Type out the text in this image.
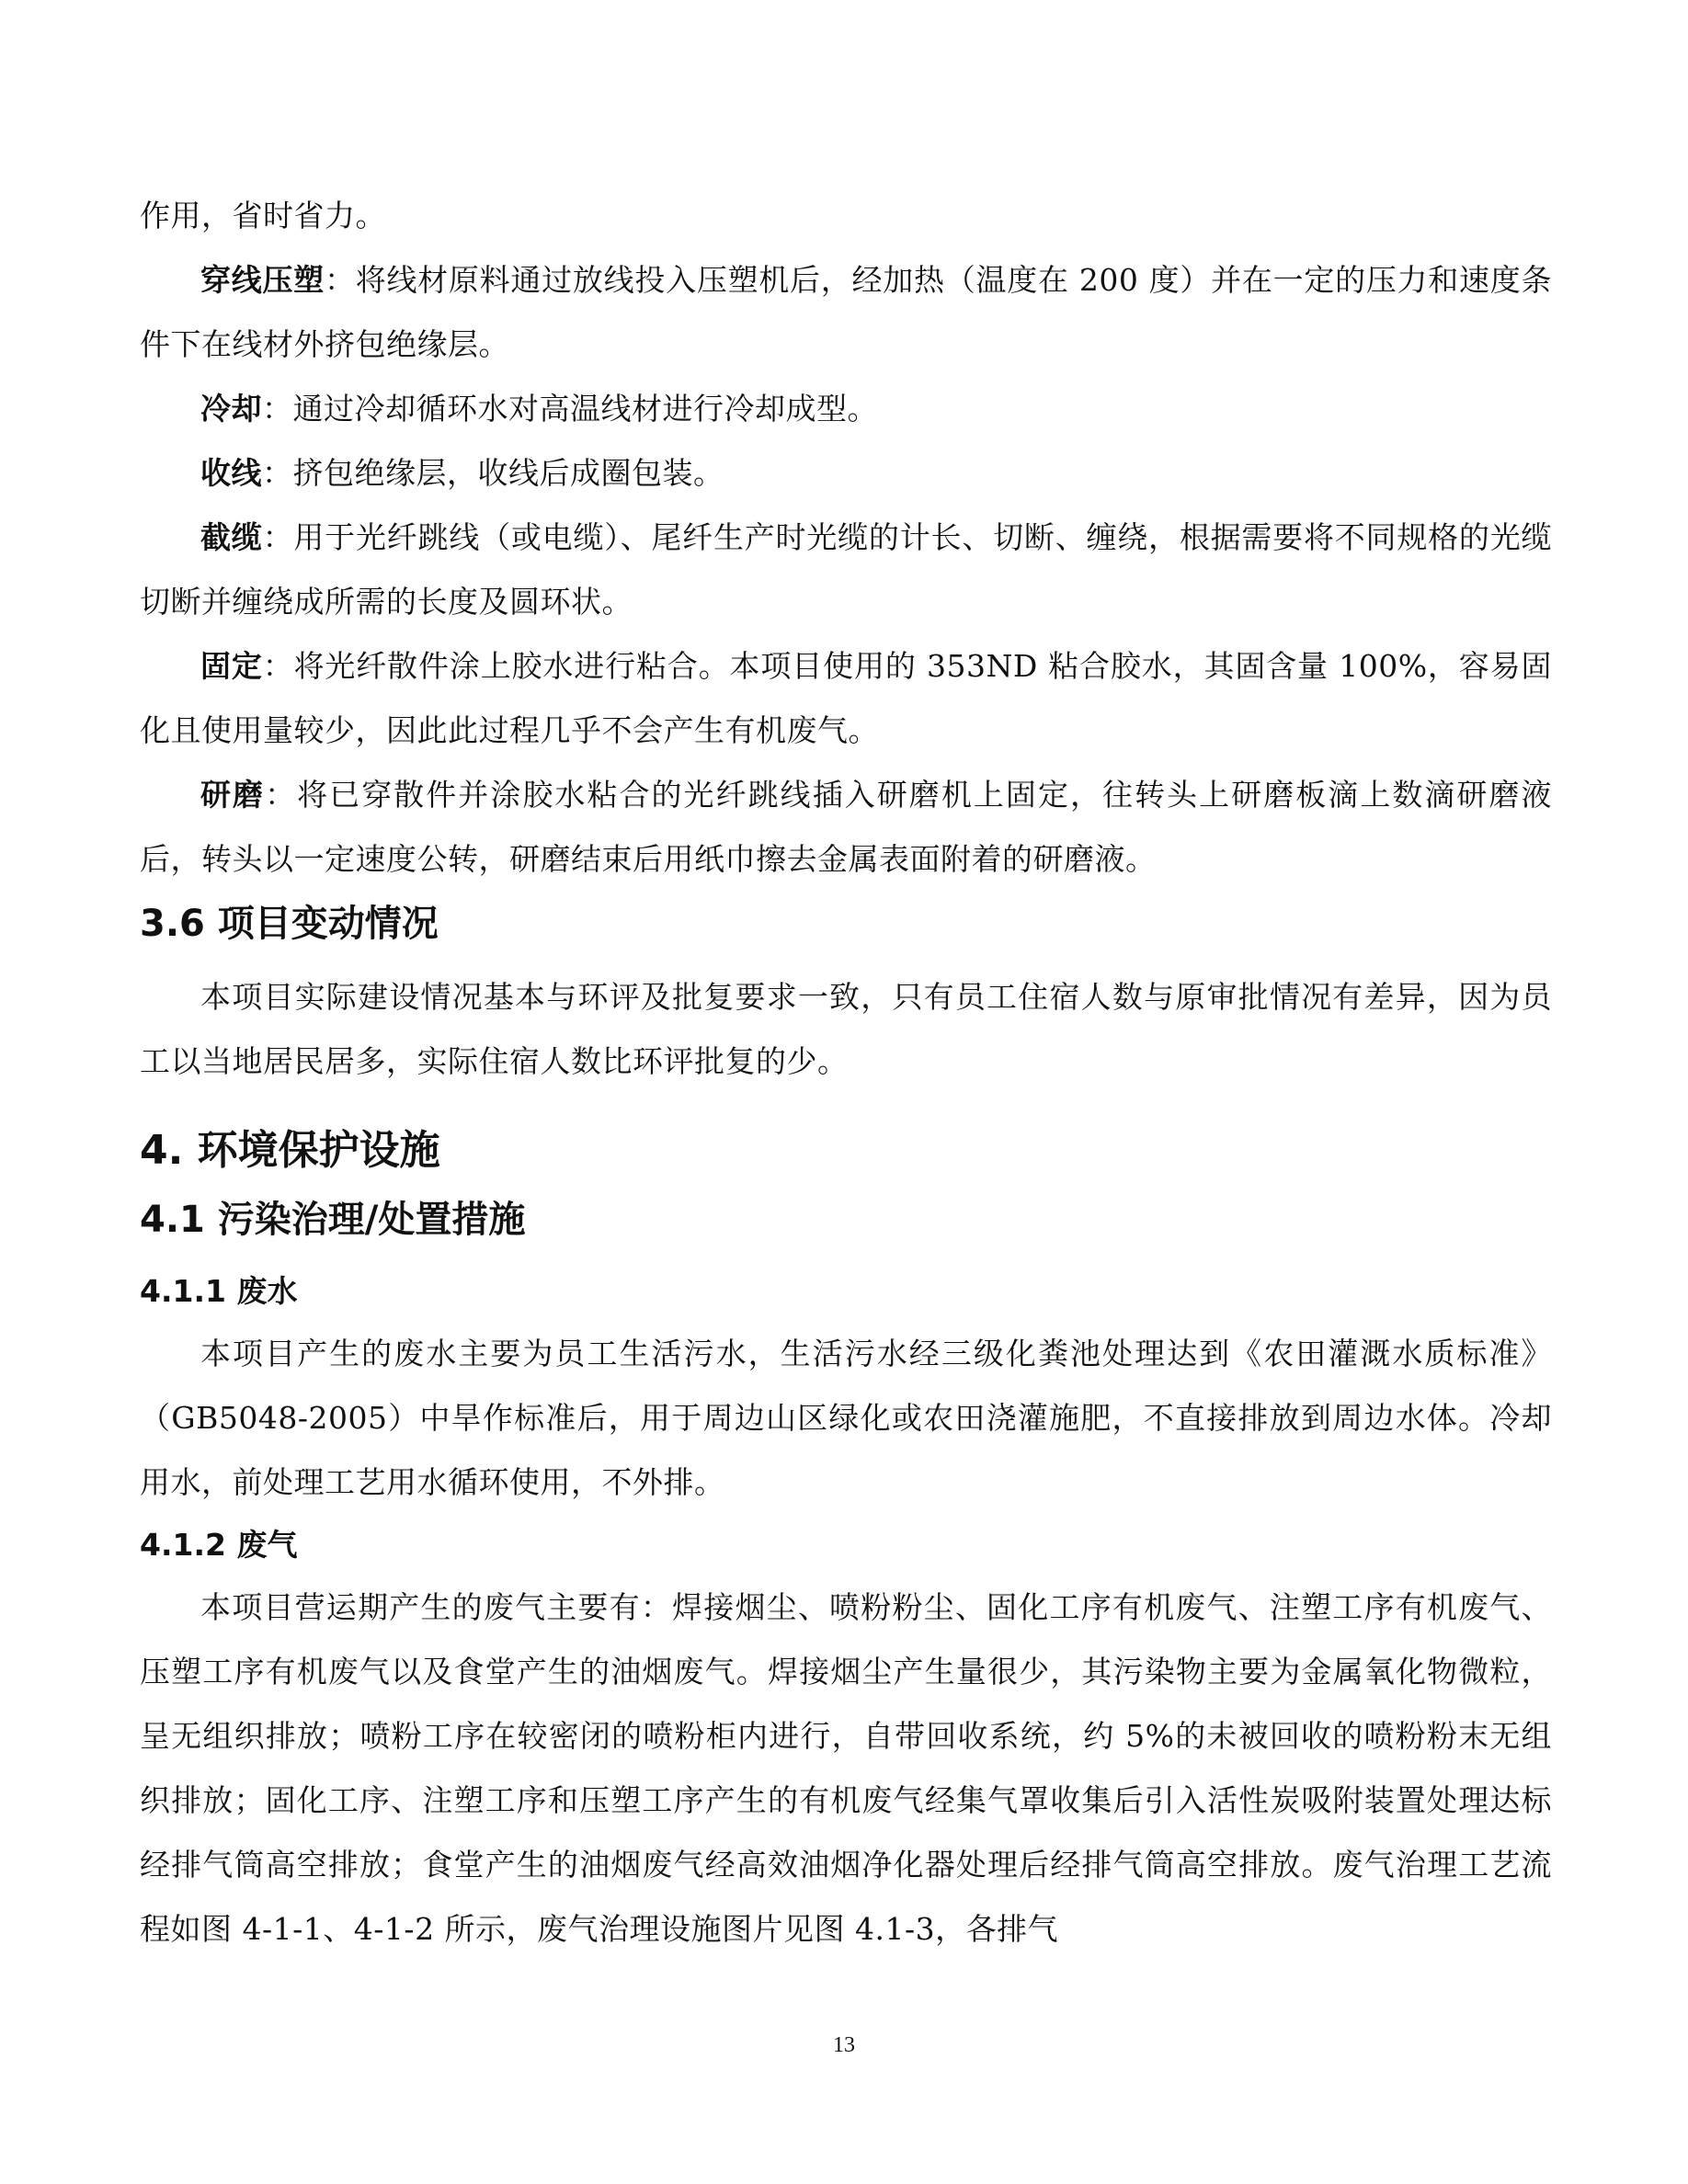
作用，省时省力。

穿线压塑：将线材原料通过放线投入压塑机后，经加热（温度在 200 度）并在一定的压力和速度条件下在线材外挤包绝缘层。

冷却：通过冷却循环水对高温线材进行冷却成型。

收线：挤包绝缘层，收线后成圈包装。

截缆：用于光纤跳线（或电缆）、尾纤生产时光缆的计长、切断、缠绕，根据需要将不同规格的光缆切断并缠绕成所需的长度及圆环状。

固定：将光纤散件涂上胶水进行粘合。本项目使用的 353ND 粘合胶水，其固含量 100%，容易固化且使用量较少，因此此过程几乎不会产生有机废气。

研磨：将已穿散件并涂胶水粘合的光纤跳线插入研磨机上固定，往转头上研磨板滴上数滴研磨液后，转头以一定速度公转，研磨结束后用纸巾擦去金属表面附着的研磨液。

3.6 项目变动情况

本项目实际建设情况基本与环评及批复要求一致，只有员工住宿人数与原审批情况有差异，因为员工以当地居民居多，实际住宿人数比环评批复的少。

4. 环境保护设施
4.1 污染治理/处置措施
4.1.1 废水

本项目产生的废水主要为员工生活污水，生活污水经三级化粪池处理达到《农田灌溉水质标准》（GB5048-2005）中旱作标准后，用于周边山区绿化或农田浇灌施肥，不直接排放到周边水体。冷却用水，前处理工艺用水循环使用，不外排。

4.1.2 废气

本项目营运期产生的废气主要有：焊接烟尘、喷粉粉尘、固化工序有机废气、注塑工序有机废气、压塑工序有机废气以及食堂产生的油烟废气。焊接烟尘产生量很少，其污染物主要为金属氧化物微粒，呈无组织排放；喷粉工序在较密闭的喷粉柜内进行，自带回收系统，约 5%的未被回收的喷粉粉末无组织排放；固化工序、注塑工序和压塑工序产生的有机废气经集气罩收集后引入活性炭吸附装置处理达标经排气筒高空排放；食堂产生的油烟废气经高效油烟净化器处理后经排气筒高空排放。废气治理工艺流程如图 4-1-1、4-1-2 所示，废气治理设施图片见图 4.1-3，各排气

13
